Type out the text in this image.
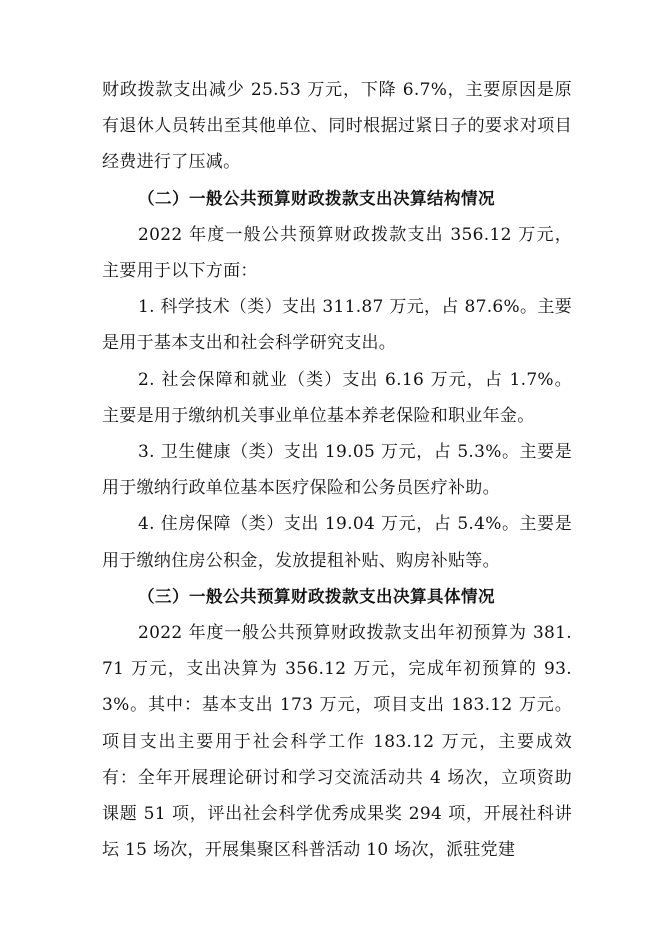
财政拨款支出减少 25.53 万元，下降 6.7%，主要原因是原有退休人员转出至其他单位、同时根据过紧日子的要求对项目经费进行了压减。

（二）一般公共预算财政拨款支出决算结构情况

2022 年度一般公共预算财政拨款支出 356.12 万元，主要用于以下方面：

1. 科学技术（类）支出 311.87 万元，占 87.6%。主要是用于基本支出和社会科学研究支出。

2. 社会保障和就业（类）支出 6.16 万元，占 1.7%。主要是用于缴纳机关事业单位基本养老保险和职业年金。

3. 卫生健康（类）支出 19.05 万元，占 5.3%。主要是用于缴纳行政单位基本医疗保险和公务员医疗补助。

4. 住房保障（类）支出 19.04 万元，占 5.4%。主要是用于缴纳住房公积金，发放提租补贴、购房补贴等。

（三）一般公共预算财政拨款支出决算具体情况

2022 年度一般公共预算财政拨款支出年初预算为 381.71 万元，支出决算为 356.12 万元，完成年初预算的 93.3%。其中：基本支出 173 万元，项目支出 183.12 万元。项目支出主要用于社会科学工作 183.12 万元，主要成效有：全年开展理论研讨和学习交流活动共 4 场次，立项资助课题 51 项，评出社会科学优秀成果奖 294 项，开展社科讲坛 15 场次，开展集聚区科普活动 10 场次，派驻党建
